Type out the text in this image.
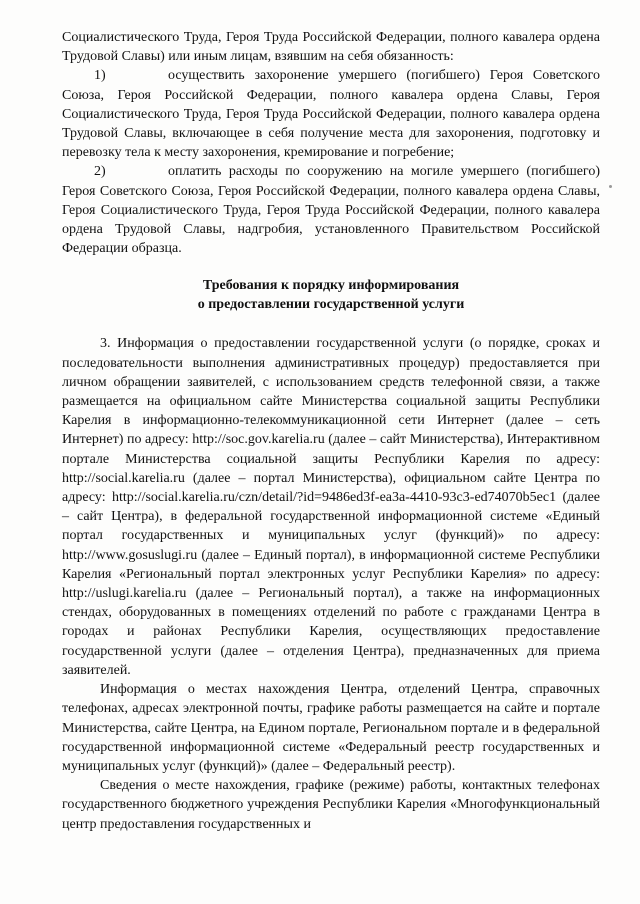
Социалистического Труда, Героя Труда Российской Федерации, полного кавалера ордена Трудовой Славы) или иным лицам, взявшим на себя обязанность:

1)	осуществить захоронение умершего (погибшего) Героя Советского Союза, Героя Российской Федерации, полного кавалера ордена Славы, Героя Социалистического Труда, Героя Труда Российской Федерации, полного кавалера ордена Трудовой Славы, включающее в себя получение места для захоронения, подготовку и перевозку тела к месту захоронения, кремирование и погребение;

2)	оплатить расходы по сооружению на могиле умершего (погибшего) Героя Советского Союза, Героя Российской Федерации, полного кавалера ордена Славы, Героя Социалистического Труда, Героя Труда Российской Федерации, полного кавалера ордена Трудовой Славы, надгробия, установленного Правительством Российской Федерации образца.

Требования к порядку информирования
о предоставлении государственной услуги

3. Информация о предоставлении государственной услуги (о порядке, сроках и последовательности выполнения административных процедур) предоставляется при личном обращении заявителей, с использованием средств телефонной связи, а также размещается на официальном сайте Министерства социальной защиты Республики Карелия в информационно-телекоммуникационной сети Интернет (далее – сеть Интернет) по адресу: http://soc.gov.karelia.ru (далее – сайт Министерства), Интерактивном портале Министерства социальной защиты Республики Карелия по адресу: http://social.karelia.ru (далее – портал Министерства), официальном сайте Центра по адресу: http://social.karelia.ru/czn/detail/?id=9486ed3f-ea3a-4410-93c3-ed74070b5ec1 (далее – сайт Центра), в федеральной государственной информационной системе «Единый портал государственных и муниципальных услуг (функций)» по адресу: http://www.gosuslugi.ru (далее – Единый портал), в информационной системе Республики Карелия «Региональный портал электронных услуг Республики Карелия» по адресу: http://uslugi.karelia.ru (далее – Региональный портал), а также на информационных стендах, оборудованных в помещениях отделений по работе с гражданами Центра в городах и районах Республики Карелия, осуществляющих предоставление государственной услуги (далее – отделения Центра), предназначенных для приема заявителей.

Информация о местах нахождения Центра, отделений Центра, справочных телефонах, адресах электронной почты, графике работы размещается на сайте и портале Министерства, сайте Центра, на Едином портале, Региональном портале и в федеральной государственной информационной системе «Федеральный реестр государственных и муниципальных услуг (функций)» (далее – Федеральный реестр).

Сведения о месте нахождения, графике (режиме) работы, контактных телефонах государственного бюджетного учреждения Республики Карелия «Многофункциональный центр предоставления государственных и
